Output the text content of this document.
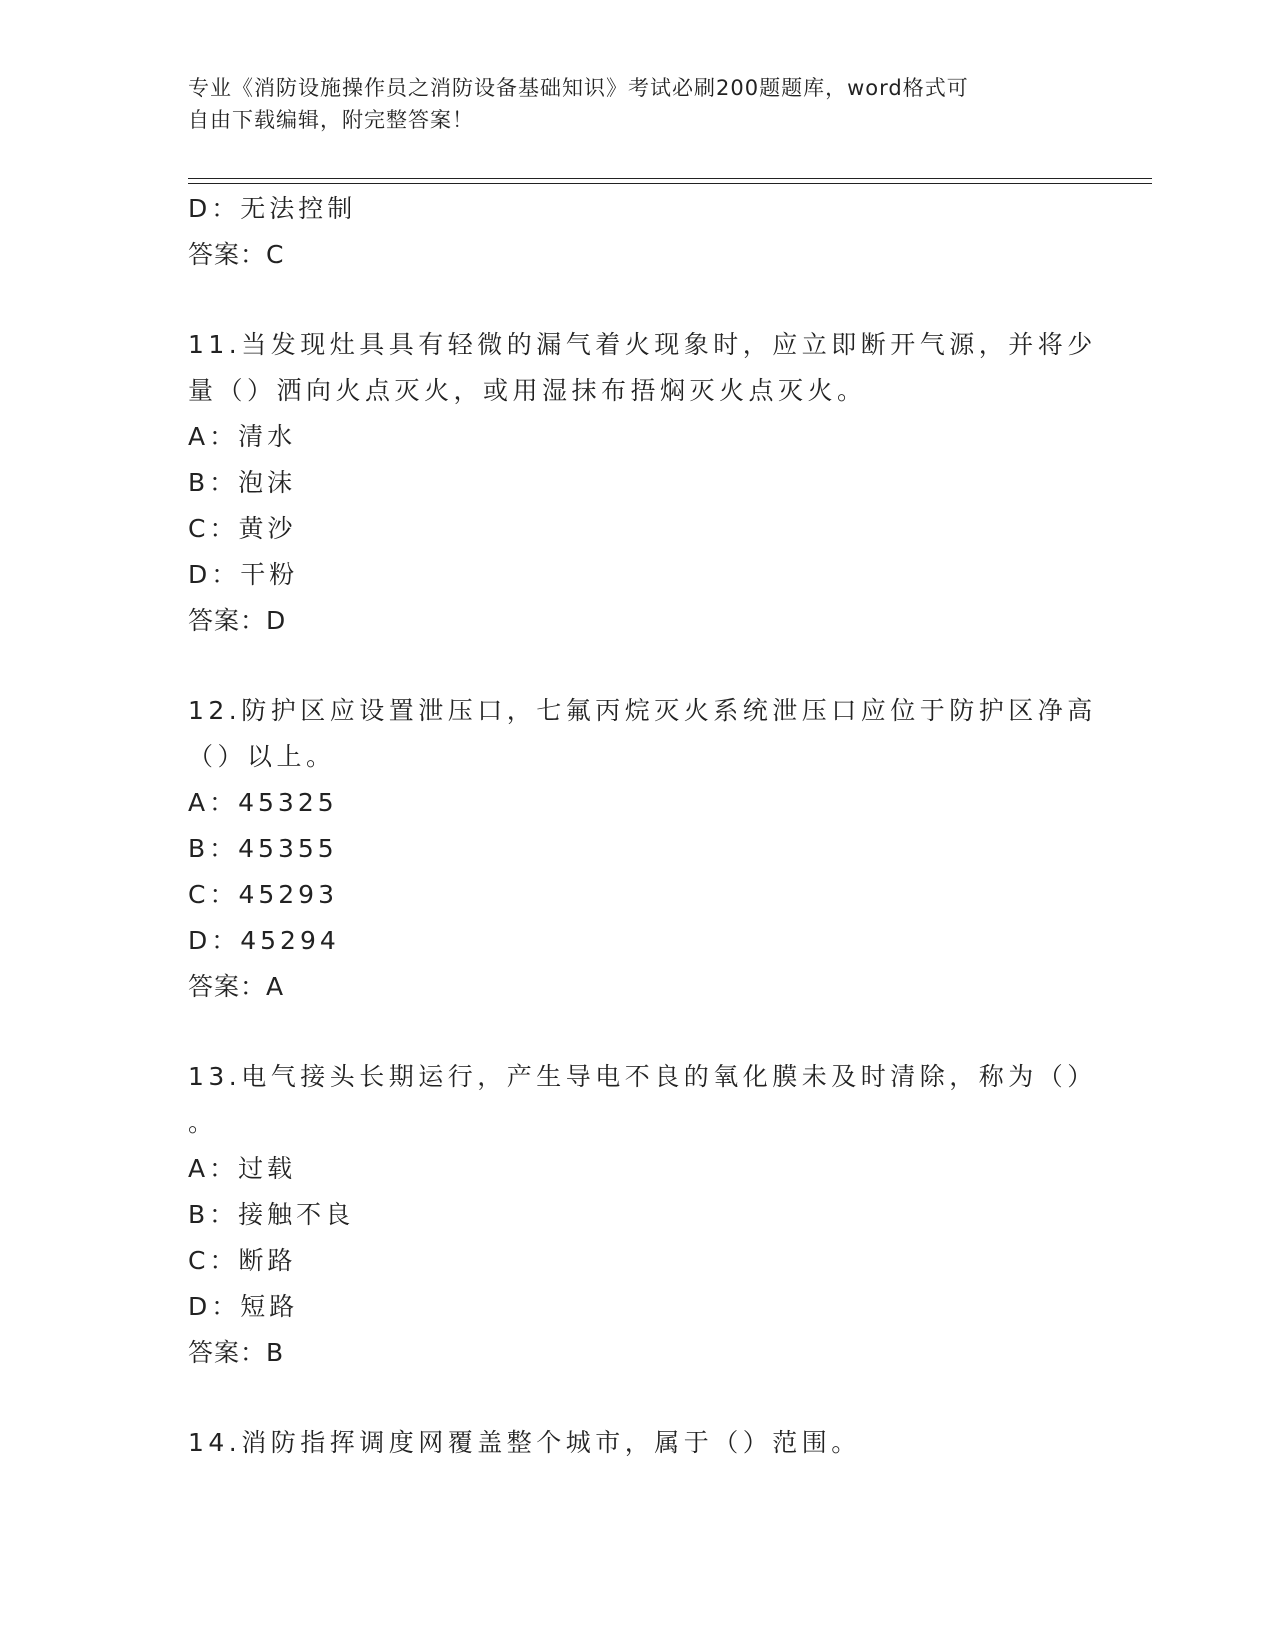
专业《消防设施操作员之消防设备基础知识》考试必刷200题题库，word格式可
自由下载编辑，附完整答案！
D：无法控制
答案：C
11.当发现灶具具有轻微的漏气着火现象时，应立即断开气源，并将少
量（）洒向火点灭火，或用湿抹布捂焖灭火点灭火。
A：清水
B：泡沫
C：黄沙
D：干粉
答案：D
12.防护区应设置泄压口，七氟丙烷灭火系统泄压口应位于防护区净高
（）以上。
A：45325
B：45355
C：45293
D：45294
答案：A
13.电气接头长期运行，产生导电不良的氧化膜未及时清除，称为（）
。
A：过载
B：接触不良
C：断路
D：短路
答案：B
14.消防指挥调度网覆盖整个城市，属于（）范围。
